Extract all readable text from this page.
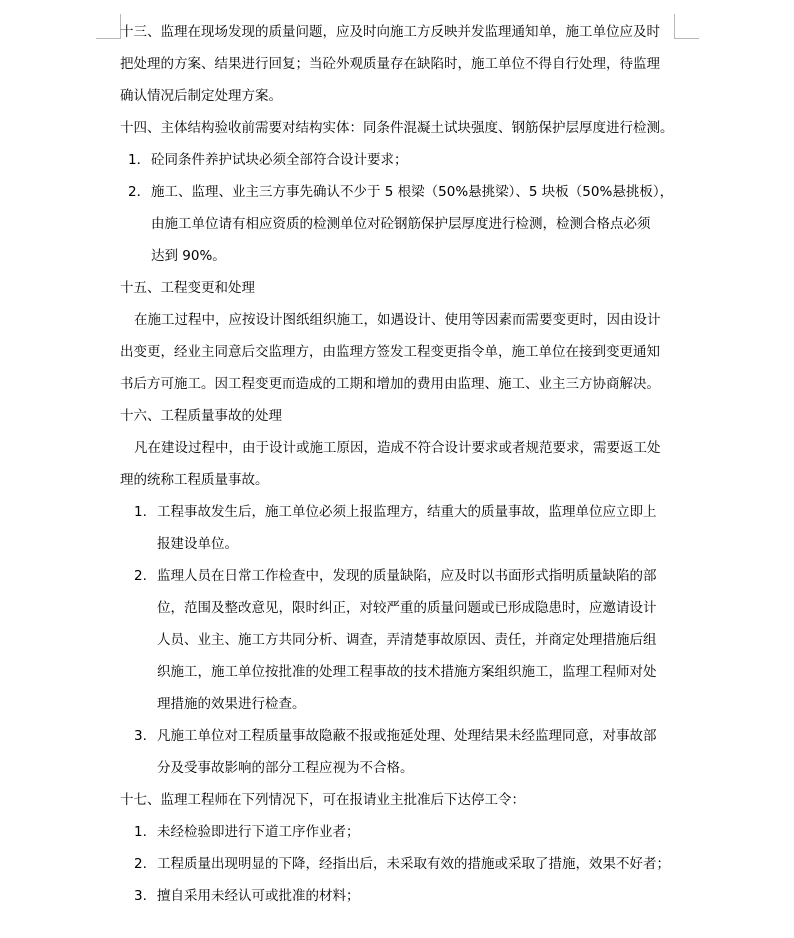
十三、监理在现场发现的质量问题，应及时向施工方反映并发监理通知单，施工单位应及时
把处理的方案、结果进行回复；当砼外观质量存在缺陷时，施工单位不得自行处理，待监理
确认情况后制定处理方案。
十四、主体结构验收前需要对结构实体：同条件混凝土试块强度、钢筋保护层厚度进行检测。
1． 砼同条件养护试块必须全部符合设计要求；
2． 施工、监理、业主三方事先确认不少于 5 根梁（50%悬挑梁）、5 块板（50%悬挑板），
由施工单位请有相应资质的检测单位对砼钢筋保护层厚度进行检测，检测合格点必须
达到 90%。
十五、工程变更和处理
在施工过程中，应按设计图纸组织施工，如遇设计、使用等因素而需要变更时，因由设计
出变更，经业主同意后交监理方，由监理方签发工程变更指令单，施工单位在接到变更通知
书后方可施工。因工程变更而造成的工期和增加的费用由监理、施工、业主三方协商解决。
十六、工程质量事故的处理
凡在建设过程中，由于设计或施工原因，造成不符合设计要求或者规范要求，需要返工处
理的统称工程质量事故。
1. 工程事故发生后，施工单位必须上报监理方，结重大的质量事故，监理单位应立即上
报建设单位。
2. 监理人员在日常工作检查中，发现的质量缺陷，应及时以书面形式指明质量缺陷的部
位，范围及整改意见，限时纠正，对较严重的质量问题或已形成隐患时，应邀请设计
人员、业主、施工方共同分析、调查，弄清楚事故原因、责任，并商定处理措施后组
织施工，施工单位按批准的处理工程事故的技术措施方案组织施工，监理工程师对处
理措施的效果进行检查。
3. 凡施工单位对工程质量事故隐蔽不报或拖延处理、处理结果未经监理同意，对事故部
分及受事故影响的部分工程应视为不合格。
十七、监理工程师在下列情况下，可在报请业主批准后下达停工令：
1. 未经检验即进行下道工序作业者；
2. 工程质量出现明显的下降，经指出后，未采取有效的措施或采取了措施，效果不好者；
3. 擅自采用未经认可或批准的材料；
